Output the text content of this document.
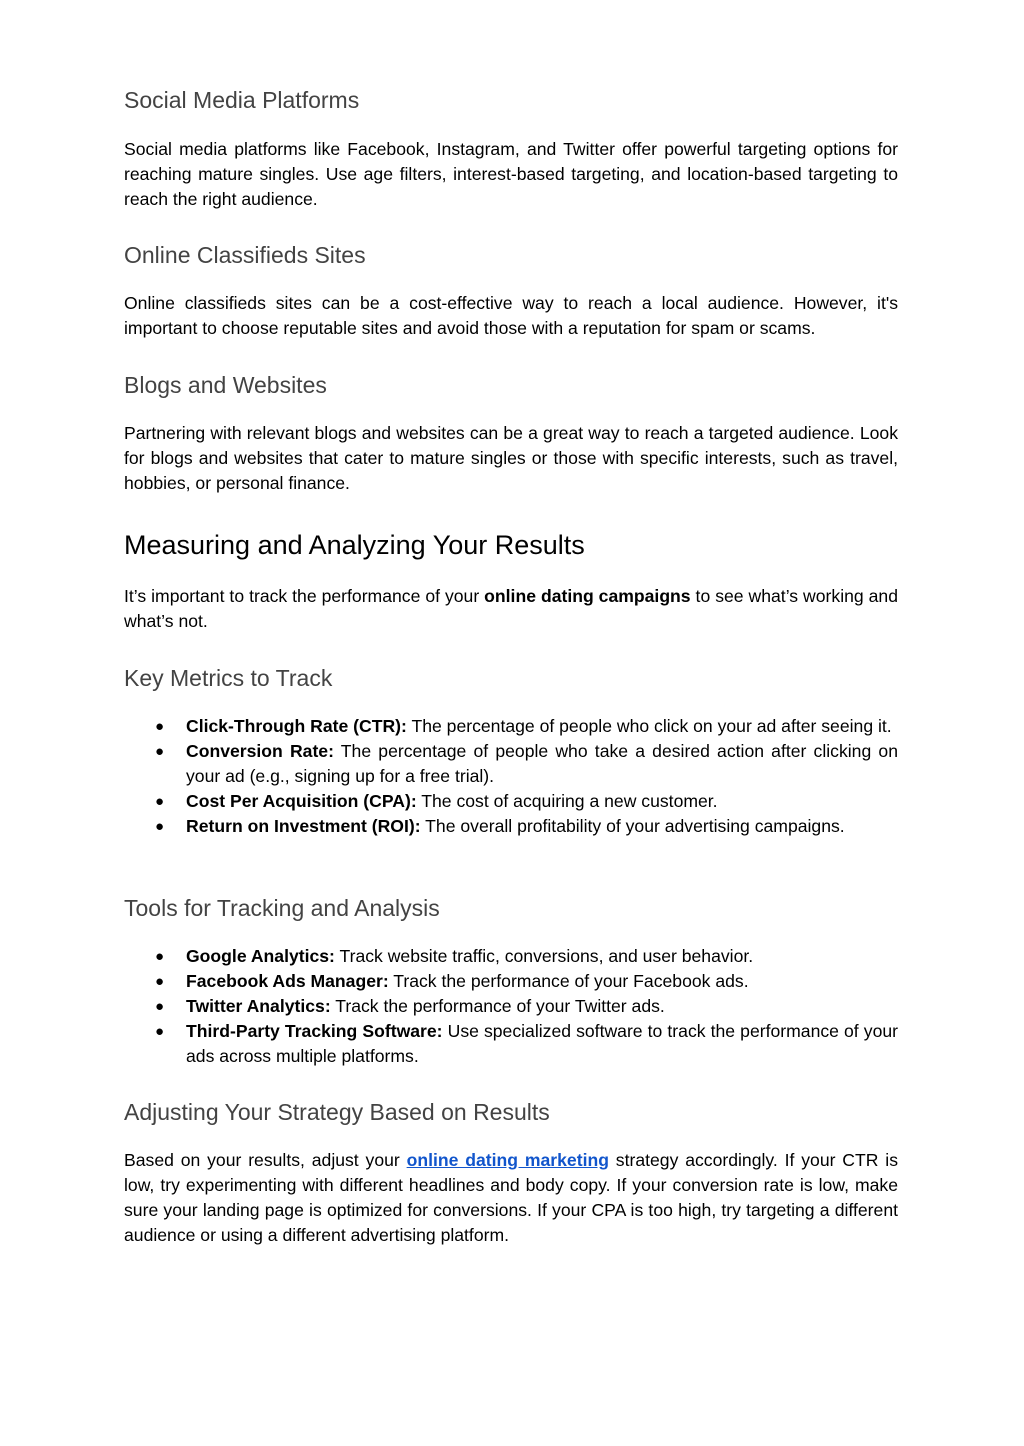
Social Media Platforms

Social media platforms like Facebook, Instagram, and Twitter offer powerful targeting options for reaching mature singles. Use age filters, interest-based targeting, and location-based targeting to reach the right audience.

Online Classifieds Sites

Online classifieds sites can be a cost-effective way to reach a local audience. However, it's important to choose reputable sites and avoid those with a reputation for spam or scams.

Blogs and Websites

Partnering with relevant blogs and websites can be a great way to reach a targeted audience. Look for blogs and websites that cater to mature singles or those with specific interests, such as travel, hobbies, or personal finance.

Measuring and Analyzing Your Results

It’s important to track the performance of your online dating campaigns to see what’s working and what’s not.

Key Metrics to Track
● Click-Through Rate (CTR): The percentage of people who click on your ad after seeing it.
● Conversion Rate: The percentage of people who take a desired action after clicking on your ad (e.g., signing up for a free trial).
● Cost Per Acquisition (CPA): The cost of acquiring a new customer.
● Return on Investment (ROI): The overall profitability of your advertising campaigns.
Tools for Tracking and Analysis
● Google Analytics: Track website traffic, conversions, and user behavior.
● Facebook Ads Manager: Track the performance of your Facebook ads.
● Twitter Analytics: Track the performance of your Twitter ads.
● Third-Party Tracking Software: Use specialized software to track the performance of your ads across multiple platforms.
Adjusting Your Strategy Based on Results

Based on your results, adjust your online dating marketing strategy accordingly. If your CTR is low, try experimenting with different headlines and body copy. If your conversion rate is low, make sure your landing page is optimized for conversions. If your CPA is too high, try targeting a different audience or using a different advertising platform.
